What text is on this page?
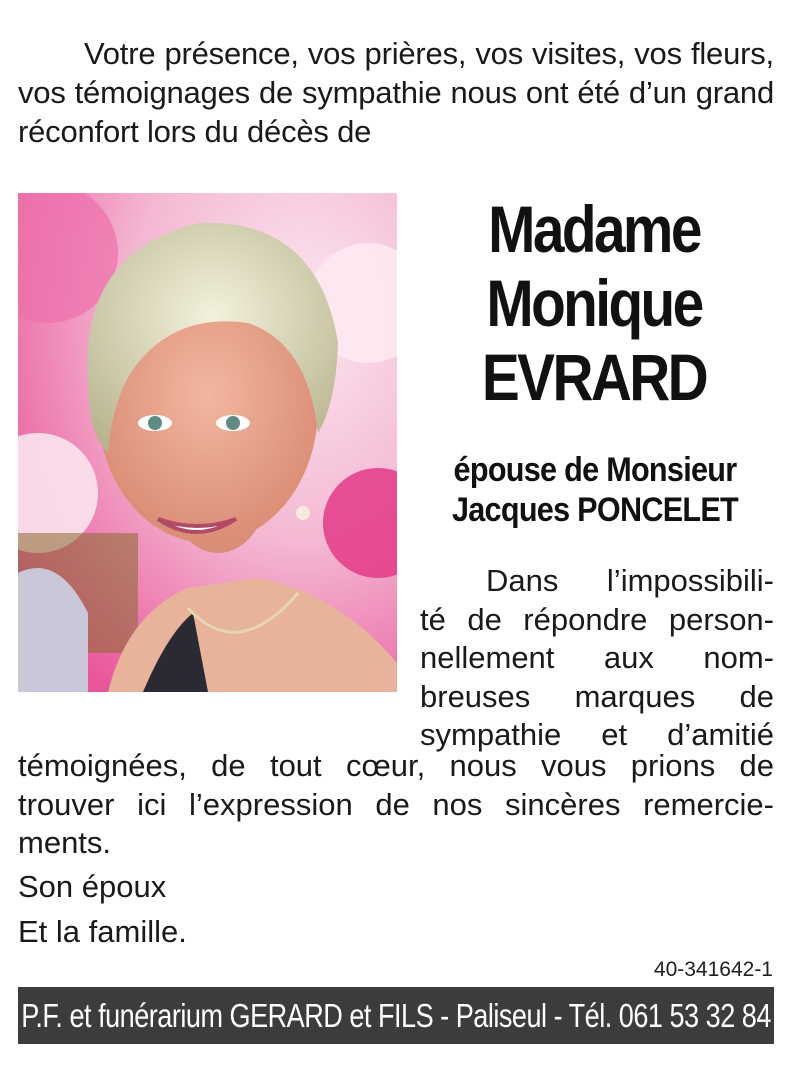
Votre présence, vos prières, vos visites, vos fleurs, vos témoignages de sympathie nous ont été d’un grand réconfort lors du décès de

Madame
Monique
EVRARD
épouse de Monsieur
Jacques PONCELET
Dans l’impossibili-
té de répondre person-
nellement aux nom-
breuses marques de
sympathie et d’amitié
témoignées, de tout cœur, nous vous prions de
trouver ici l’expression de nos sincères remercie-
ments.
Son époux
Et la famille.
40-341642-1
P.F. et funérarium GERARD et FILS - Paliseul - Tél. 061 53 32 84
